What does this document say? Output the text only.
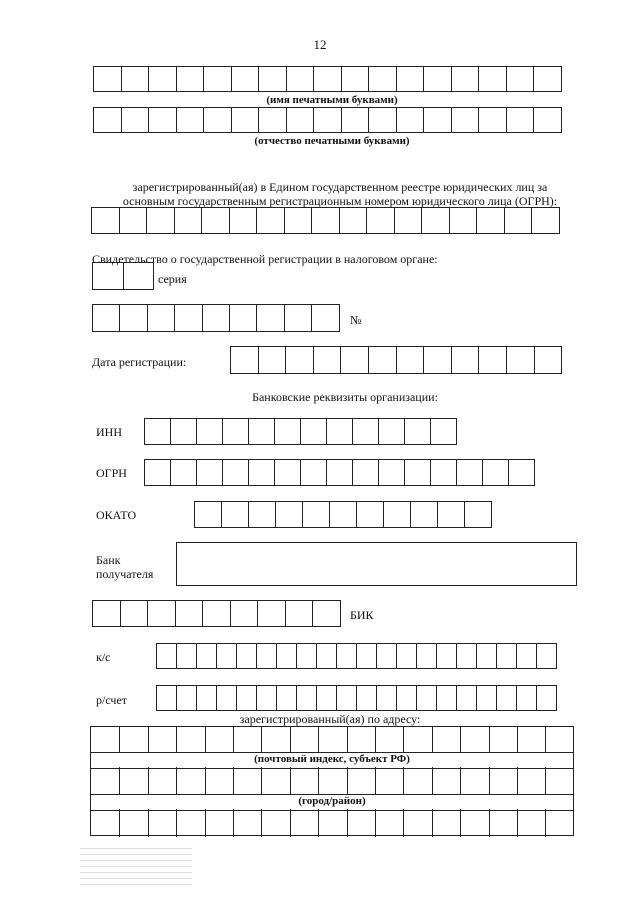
12
(имя печатными буквами)
(отчество печатными буквами)
зарегистрированный(ая) в Едином государственном реестре юридических лиц за
основным государственным регистрационным номером юридического лица (ОГРН):
Свидетельство о государственной регистрации в налоговом органе:
серия
№
Дата регистрации:
Банковские реквизиты организации:
ИНН
ОГРН
ОКАТО
Банк
получателя
БИК
к/с
р/счет
зарегистрированный(ая) по адресу:
(почтовый индекс, субъект РФ)
(город/район)
